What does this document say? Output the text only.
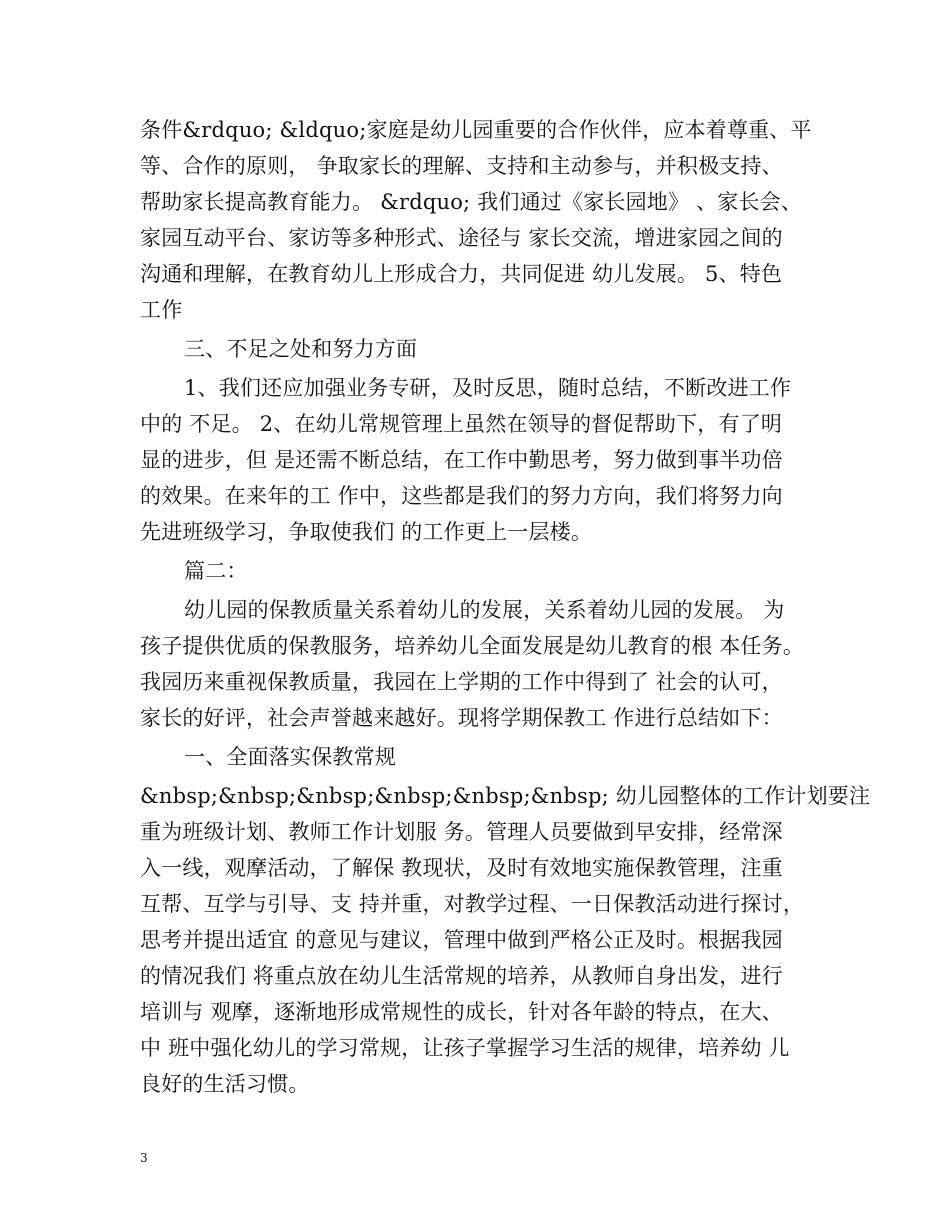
条件&rdquo; &ldquo;家庭是幼儿园重要的合作伙伴，应本着尊重、平
等、合作的原则， 争取家长的理解、支持和主动参与，并积极支持、
帮助家长提高教育能力。 &rdquo; 我们通过《家长园地》 、家长会、
家园互动平台、家访等多种形式、途径与 家长交流，增进家园之间的
沟通和理解，在教育幼儿上形成合力，共同促进 幼儿发展。 5、特色
工作
三、不足之处和努力方面
1、我们还应加强业务专研，及时反思，随时总结，不断改进工作
中的 不足。 2、在幼儿常规管理上虽然在领导的督促帮助下，有了明
显的进步，但 是还需不断总结，在工作中勤思考，努力做到事半功倍
的效果。在来年的工 作中，这些都是我们的努力方向，我们将努力向
先进班级学习，争取使我们 的工作更上一层楼。
篇二：
幼儿园的保教质量关系着幼儿的发展，关系着幼儿园的发展。 为
孩子提供优质的保教服务，培养幼儿全面发展是幼儿教育的根 本任务。
我园历来重视保教质量，我园在上学期的工作中得到了 社会的认可，
家长的好评，社会声誉越来越好。现将学期保教工 作进行总结如下：
一、全面落实保教常规
&nbsp;&nbsp;&nbsp;&nbsp;&nbsp;&nbsp; 幼儿园整体的工作计划要注
重为班级计划、教师工作计划服 务。管理人员要做到早安排，经常深
入一线，观摩活动，了解保 教现状，及时有效地实施保教管理，注重
互帮、互学与引导、支 持并重，对教学过程、一日保教活动进行探讨，
思考并提出适宜 的意见与建议，管理中做到严格公正及时。根据我园
的情况我们 将重点放在幼儿生活常规的培养，从教师自身出发，进行
培训与 观摩，逐渐地形成常规性的成长，针对各年龄的特点，在大、
中 班中强化幼儿的学习常规，让孩子掌握学习生活的规律，培养幼 儿
良好的生活习惯。
3
